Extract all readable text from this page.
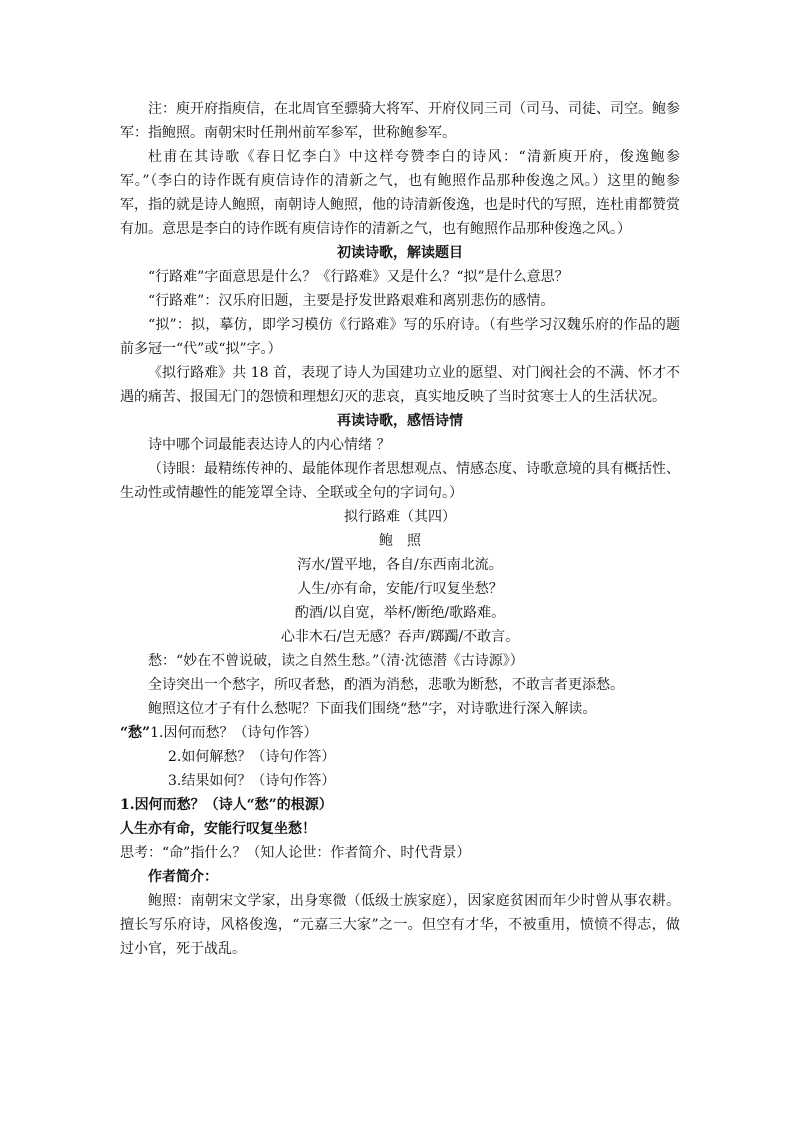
注：庾开府指庾信，在北周官至骠骑大将军、开府仪同三司（司马、司徒、司空。鲍参军：指鲍照。南朝宋时任荆州前军参军，世称鲍参军。

杜甫在其诗歌《春日忆李白》中这样夸赞李白的诗风：“清新庾开府，俊逸鲍参军。”（李白的诗作既有庾信诗作的清新之气，也有鲍照作品那种俊逸之风。）这里的鲍参军，指的就是诗人鲍照，南朝诗人鲍照，他的诗清新俊逸，也是时代的写照，连杜甫都赞赏有加。意思是李白的诗作既有庾信诗作的清新之气，也有鲍照作品那种俊逸之风。）

初读诗歌，解读题目

“行路难”字面意思是什么？《行路难》又是什么？“拟”是什么意思？

“行路难”：汉乐府旧题，主要是抒发世路艰难和离别悲伤的感情。

“拟”：拟，摹仿，即学习模仿《行路难》写的乐府诗。（有些学习汉魏乐府的作品的题前多冠一“代”或“拟”字。）

《拟行路难》共 18 首，表现了诗人为国建功立业的愿望、对门阀社会的不满、怀才不遇的痛苦、报国无门的怨愤和理想幻灭的悲哀，真实地反映了当时贫寒士人的生活状况。

再读诗歌，感悟诗情

诗中哪个词最能表达诗人的内心情绪 ？

（诗眼：最精练传神的、最能体现作者思想观点、情感态度、诗歌意境的具有概括性、生动性或情趣性的能笼罩全诗、全联或全句的字词句。）

拟行路难（其四）

鲍　照

泻水/置平地，各自/东西南北流。

人生/亦有命，安能/行叹复坐愁？

酌酒/以自宽，举杯/断绝/歌路难。

心非木石/岂无感？吞声/踯躅/不敢言。

愁：“妙在不曾说破，读之自然生愁。”（清·沈德潜《古诗源》）

全诗突出一个愁字，所叹者愁，酌酒为消愁，悲歌为断愁，不敢言者更添愁。

鲍照这位才子有什么愁呢？下面我们围绕“愁”字，对诗歌进行深入解读。

“愁”1.因何而愁？（诗句作答）

2.如何解愁？（诗句作答）

3.结果如何？（诗句作答）

1.因何而愁？（诗人“愁”的根源）

人生亦有命，安能行叹复坐愁！

思考：“命”指什么？（知人论世：作者简介、时代背景）

作者简介：

鲍照：南朝宋文学家，出身寒微（低级士族家庭），因家庭贫困而年少时曾从事农耕。擅长写乐府诗，风格俊逸，“元嘉三大家”之一。但空有才华，不被重用，愤愤不得志，做过小官，死于战乱。
